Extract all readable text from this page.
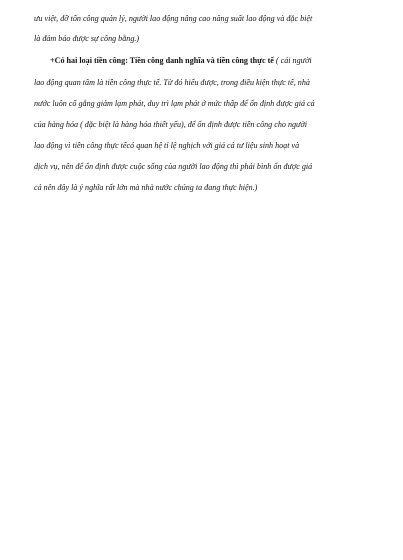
ưu việt, đỡ tốn công quản lý, người lao động nâng cao năng suất lao động và đặc biệt
là đảm bảo được sự công bằng.)
+Có hai loại tiền công: Tiền công danh nghĩa và tiền công thực tế ( cái người
lao động quan tâm là tiền công thực tế. Từ đó hiểu được, trong điều kiện thực tế, nhà
nước luôn cố gắng giảm lạm phát, duy trì lạm phát ở mức thấp để ổn định được giá cả
của hàng hóa ( đặc biệt là hàng hóa thiết yếu), để ổn định được tiền công cho người
lao động vì tiền công thực tếcó quan hệ tỉ lệ nghịch với giá cả tư liệu sinh hoạt và
dịch vụ, nên để ổn định được cuộc sống của người lao động thì phải bình ổn được giá
cả nên đây là ý nghĩa rất lớn mà nhà nước chúng ta đang thực hiện.)
